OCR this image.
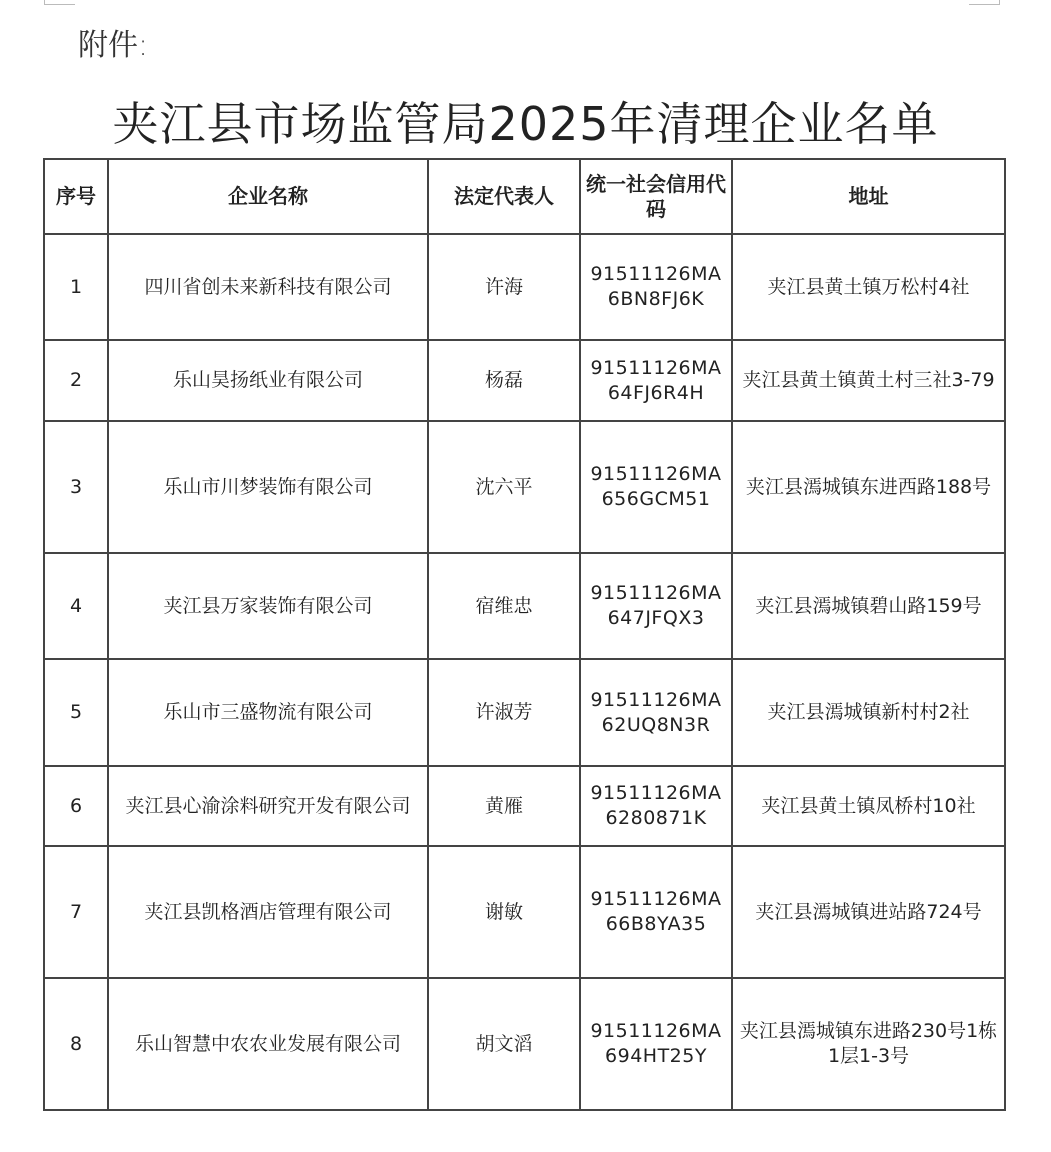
附件:
夹江县市场监管局2025年清理企业名单
序号	企业名称	法定代表人	统一社会信用代码	地址
1	四川省创未来新科技有限公司	许海	91511126MA6BN8FJ6K	夹江县黄土镇万松村4社
2	乐山昊扬纸业有限公司	杨磊	91511126MA64FJ6R4H	夹江县黄土镇黄土村三社3-79
3	乐山市川梦装饰有限公司	沈六平	91511126MA656GCM51	夹江县漹城镇东进西路188号
4	夹江县万家装饰有限公司	宿维忠	91511126MA647JFQX3	夹江县漹城镇碧山路159号
5	乐山市三盛物流有限公司	许淑芳	91511126MA62UQ8N3R	夹江县漹城镇新村村2社
6	夹江县心渝涂料研究开发有限公司	黄雁	91511126MA6280871K	夹江县黄土镇凤桥村10社
7	夹江县凯格酒店管理有限公司	谢敏	91511126MA66B8YA35	夹江县漹城镇进站路724号
8	乐山智慧中农农业发展有限公司	胡文滔	91511126MA694HT25Y	夹江县漹城镇东进路230号1栋1层1-3号
